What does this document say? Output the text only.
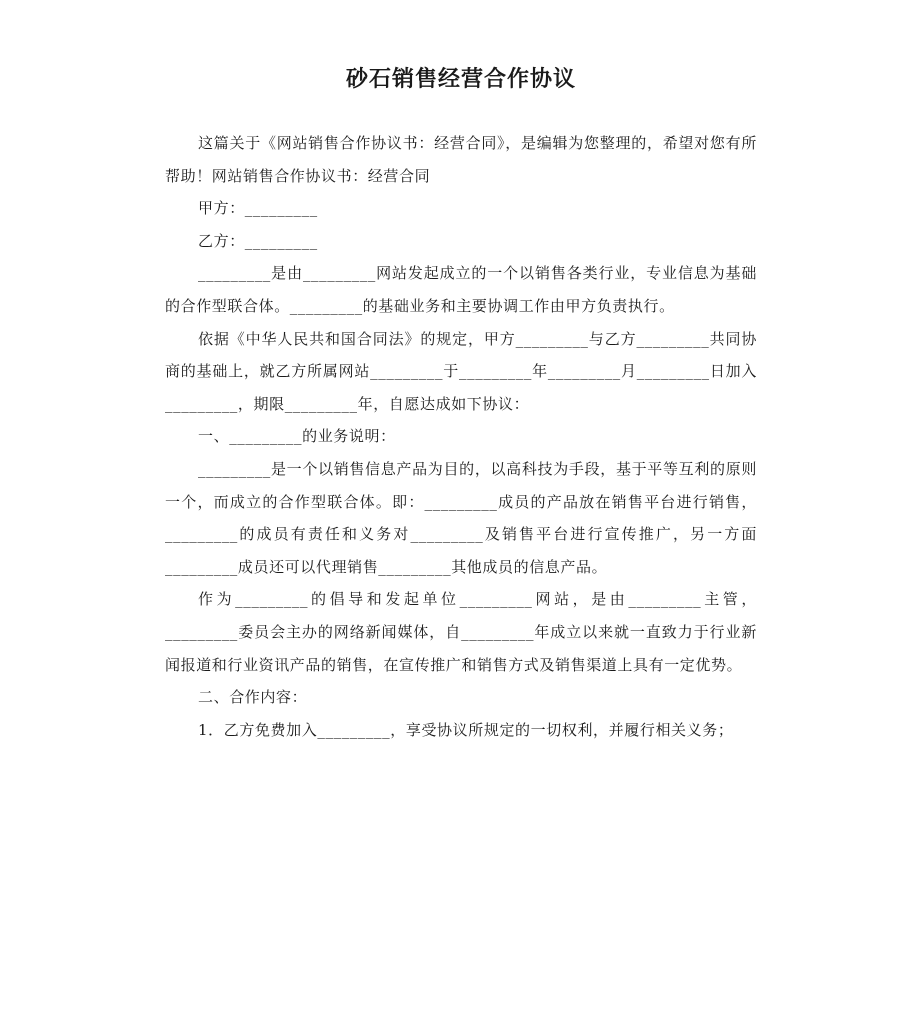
砂石销售经营合作协议

这篇关于《网站销售合作协议书：经营合同》，是编辑为您整理的，希望对您有所帮助！网站销售合作协议书：经营合同

甲方：_________

乙方：_________

_________是由_________网站发起成立的一个以销售各类行业，专业信息为基础的合作型联合体。_________的基础业务和主要协调工作由甲方负责执行。

依据《中华人民共和国合同法》的规定，甲方_________与乙方_________共同协商的基础上，就乙方所属网站_________于_________年_________月_________日加入_________，期限_________年，自愿达成如下协议：

一、_________的业务说明：

_________是一个以销售信息产品为目的，以高科技为手段，基于平等互利的原则一个，而成立的合作型联合体。即：_________成员的产品放在销售平台进行销售，_________的成员有责任和义务对_________及销售平台进行宣传推广，另一方面_________成员还可以代理销售_________其他成员的信息产品。

作为_________的倡导和发起单位_________网站，是由_________主管，_________委员会主办的网络新闻媒体，自_________年成立以来就一直致力于行业新闻报道和行业资讯产品的销售，在宣传推广和销售方式及销售渠道上具有一定优势。

二、合作内容：

1．乙方免费加入_________，享受协议所规定的一切权利，并履行相关义务；
